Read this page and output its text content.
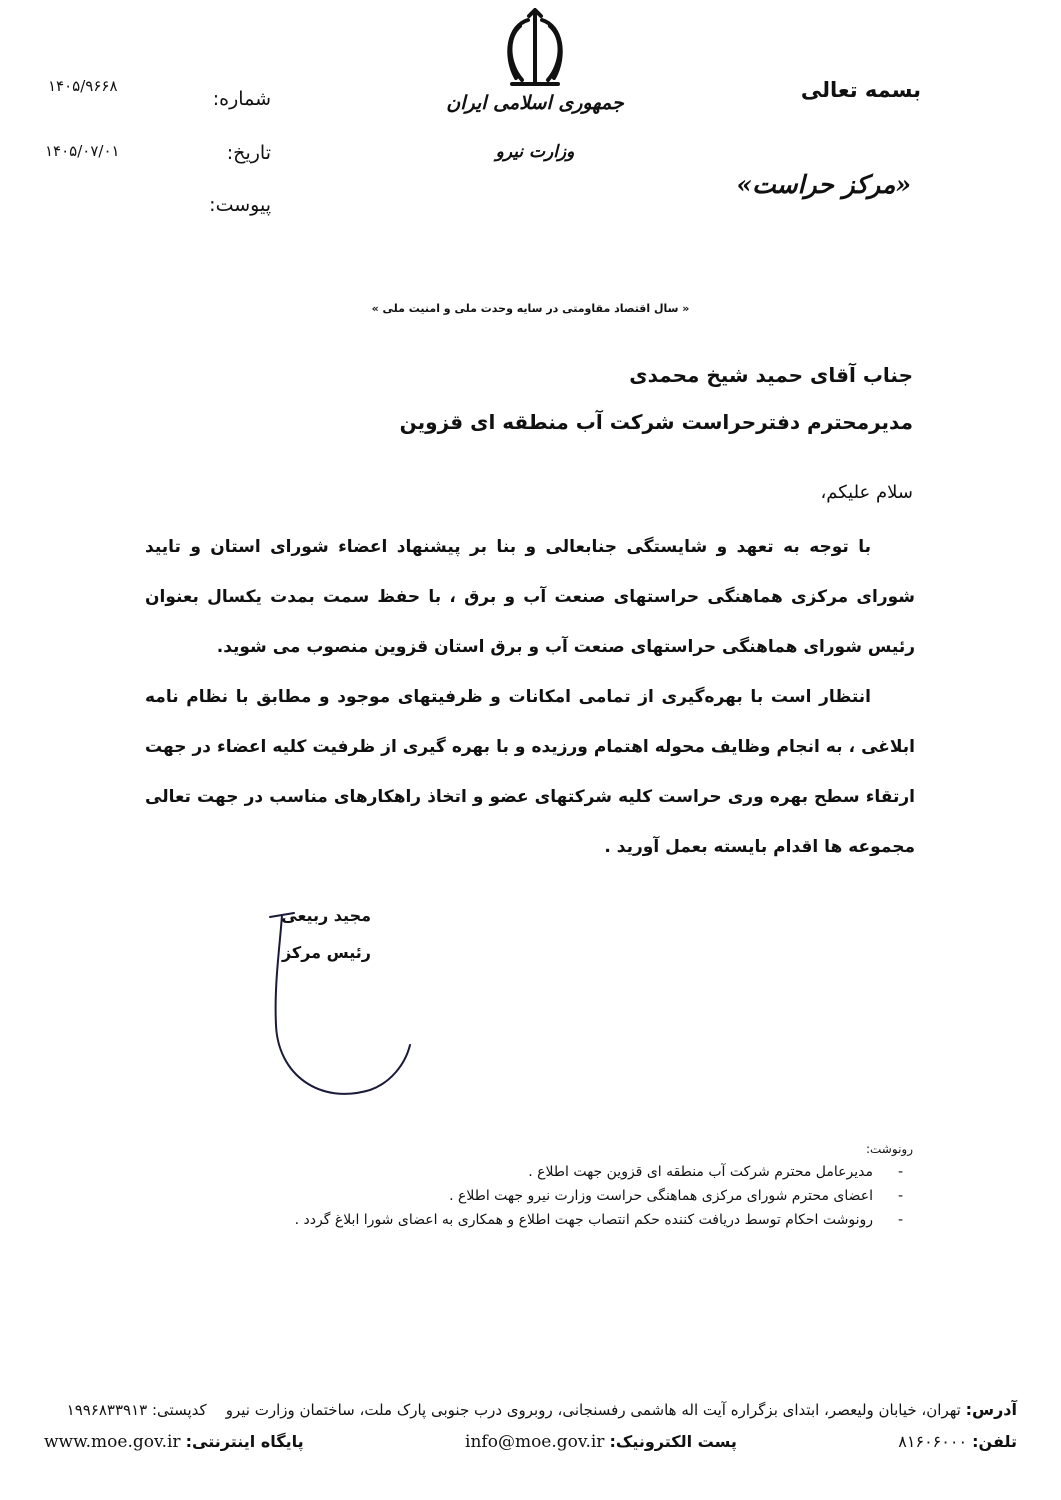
بسمه تعالی
«مرکز حراست»
جمهوری اسلامی ایران
وزارت نیرو
شماره:
تاریخ:
پیوست:
۱۴۰۵/۹۶۶۸
۱۴۰۵/۰۷/۰۱
« سال اقتصاد مقاومتی در سایه وحدت ملی و امنیت ملی »
جناب آقای حمید شیخ محمدی
مدیرمحترم دفترحراست شرکت آب منطقه ای قزوین
سلام علیکم،

با توجه به تعهد و شایستگی جنابعالی و بنا بر پیشنهاد اعضاء شورای استان و تایید شورای مرکزی هماهنگی حراستهای صنعت آب و برق ، با حفظ سمت بمدت یکسال بعنوان رئیس شورای هماهنگی حراستهای صنعت آب و برق استان قزوین منصوب می شوید.

انتظار است با بهره‌گیری از تمامی امکانات و ظرفیتهای موجود و مطابق با نظام نامه ابلاغی ، به انجام وظایف محوله اهتمام ورزیده و با بهره گیری از ظرفیت کلیه اعضاء در جهت ارتقاء سطح بهره وری حراست کلیه شرکتهای عضو و اتخاذ راهکارهای مناسب در جهت تعالی مجموعه ها اقدام بایسته بعمل آورید .

مجید ربیعی
رئیس مرکز
رونوشت:
- مدیرعامل محترم شرکت آب منطقه ای قزوین جهت اطلاع .
- اعضای محترم شورای مرکزی هماهنگی حراست وزارت نیرو جهت اطلاع .
- رونوشت احکام توسط دریافت کننده حکم انتصاب جهت اطلاع و همکاری به اعضای شورا ابلاغ گردد .
آدرس: تهران، خیابان ولیعصر، ابتدای بزگراره آیت اله هاشمی رفسنجانی، روبروی درب جنوبی پارک ملت، ساختمان وزارت نیرو    کدپستی: ۱۹۹۶۸۳۳۹۱۳
تلفن: ۸۱۶۰۶۰۰۰
پست الکترونیک: info@moe.gov.ir
پایگاه اینترنتی: www.moe.gov.ir
